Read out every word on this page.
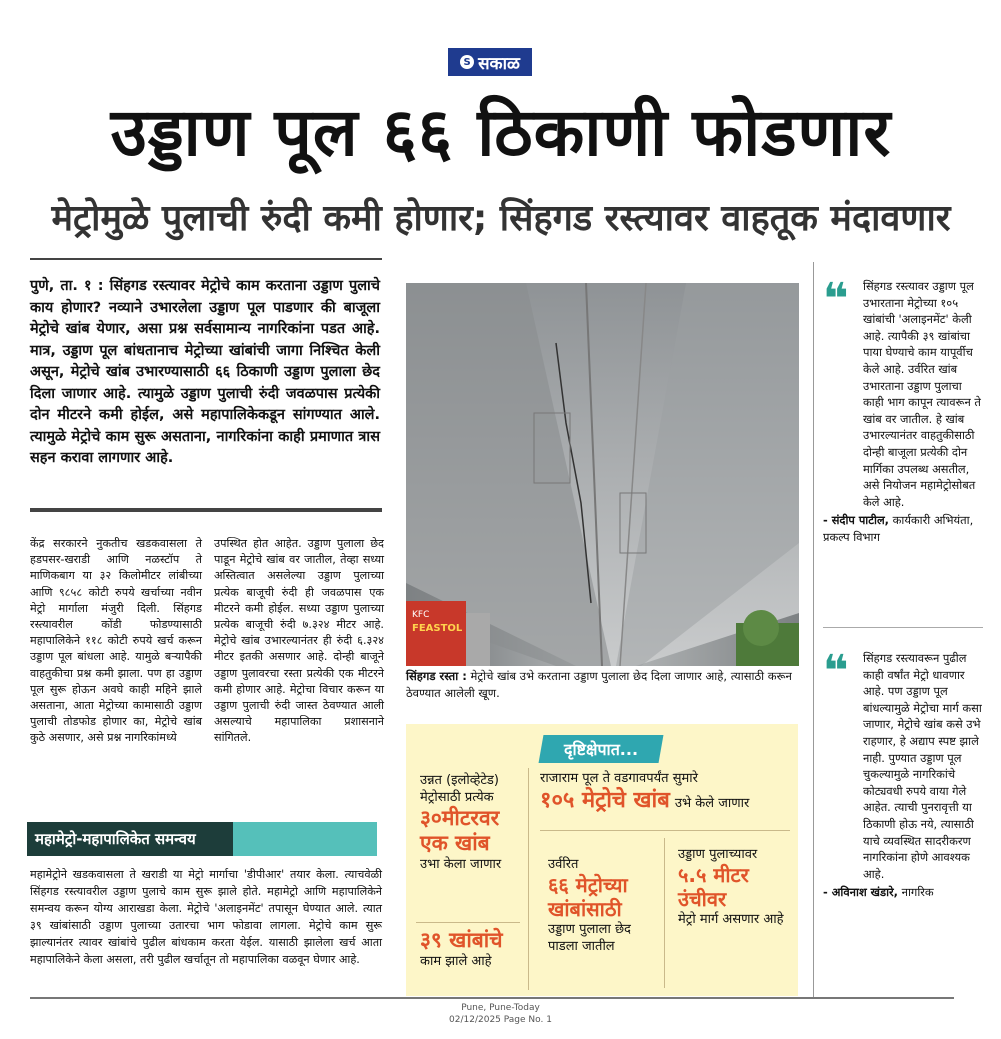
S सकाळ
उड्डाण पूल ६६ ठिकाणी फोडणार
मेट्रोमुळे पुलाची रुंदी कमी होणार; सिंहगड रस्त्यावर वाहतूक मंदावणार
पुणे, ता. १ : सिंहगड रस्त्यावर मेट्रोचे काम करताना उड्डाण पुलाचे काय होणार? नव्याने उभारलेला उड्डाण पूल पाडणार की बाजूला मेट्रोचे खांब येणार, असा प्रश्न सर्वसामान्य नागरिकांना पडत आहे. मात्र, उड्डाण पूल बांधतानाच मेट्रोच्या खांबांची जागा निश्चित केली असून, मेट्रोचे खांब उभारण्यासाठी ६६ ठिकाणी उड्डाण पुलाला छेद दिला जाणार आहे. त्यामुळे उड्डाण पुलाची रुंदी जवळपास प्रत्येकी दोन मीटरने कमी होईल, असे महापालिकेकडून सांगण्यात आले. त्यामुळे मेट्रोचे काम सुरू असताना, नागरिकांना काही प्रमाणात त्रास सहन करावा लागणार आहे.
केंद्र सरकारने नुकतीच खडकवासला ते हडपसर-खराडी आणि नळस्टॉप ते माणिकबाग या ३२ किलोमीटर लांबीच्या आणि ९८५८ कोटी रुपये खर्चाच्या नवीन मेट्रो मार्गाला मंजुरी दिली. सिंहगड रस्त्यावरील कोंडी फोडण्यासाठी महापालिकेने ११८ कोटी रुपये खर्च करून उड्डाण पूल बांधला आहे. यामुळे बऱ्यापैकी वाहतुकीचा प्रश्न कमी झाला. पण हा उड्डाण पूल सुरू होऊन अवघे काही महिने झाले असताना, आता मेट्रोच्या कामासाठी उड्डाण पुलाची तोडफोड होणार का, मेट्रोचे खांब कुठे असणार, असे प्रश्न नागरिकांमध्ये
उपस्थित होत आहेत. उड्डाण पुलाला छेद पाडून मेट्रोचे खांब वर जातील, तेव्हा सध्या अस्तित्वात असलेल्या उड्डाण पुलाच्या प्रत्येक बाजूची रुंदी ही जवळपास एक मीटरने कमी होईल. सध्या उड्डाण पुलाच्या प्रत्येक बाजूची रुंदी ७.३२४ मीटर आहे. मेट्रोचे खांब उभारल्यानंतर ही रुंदी ६.३२४ मीटर इतकी असणार आहे. दोन्ही बाजूने उड्डाण पुलावरचा रस्ता प्रत्येकी एक मीटरने कमी होणार आहे. मेट्रोचा विचार करून या उड्डाण पुलाची रुंदी जास्त ठेवण्यात आली असल्याचे महापालिका प्रशासनाने सांगितले.
KFC
FEASTOL
सिंहगड रस्ता : मेट्रोचे खांब उभे करताना उड्डाण पुलाला छेद दिला जाणार आहे, त्यासाठी करून ठेवण्यात आलेली खूण.
❝	सिंहगड रस्त्यावर उड्डाण पूल उभारताना मेट्रोच्या १०५ खांबांची 'अलाइनमेंट' केली आहे. त्यापैकी ३९ खांबांचा पाया घेण्याचे काम यापूर्वीच केले आहे. उर्वरित खांब उभारताना उड्डाण पुलाचा काही भाग कापून त्यावरून ते खांब वर जातील. हे खांब उभारल्यानंतर वाहतुकीसाठी दोन्ही बाजूला प्रत्येकी दोन मार्गिका उपलब्ध असतील, असे नियोजन महामेट्रोसोबत केले आहे.
- संदीप पाटील, कार्यकारी अभियंता, प्रकल्प विभाग
❝	सिंहगड रस्त्यावरून पुढील काही वर्षांत मेट्रो धावणार आहे. पण उड्डाण पूल बांधल्यामुळे मेट्रोचा मार्ग कसा जाणार, मेट्रोचे खांब कसे उभे राहणार, हे अद्याप स्पष्ट झाले नाही. पुण्यात उड्डाण पूल चुकल्यामुळे नागरिकांचे कोट्यवधी रुपये वाया गेले आहेत. त्याची पुनरावृत्ती या ठिकाणी होऊ नये, त्यासाठी याचे व्यवस्थित सादरीकरण नागरिकांना होणे आवश्यक आहे.
- अविनाश खंडारे, नागरिक
महामेट्रो-महापालिकेत समन्वय
महामेट्रोने खडकवासला ते खराडी या मेट्रो मार्गाचा 'डीपीआर' तयार केला. त्याचवेळी सिंहगड रस्त्यावरील उड्डाण पुलाचे काम सुरू झाले होते. महामेट्रो आणि महापालिकेने समन्वय करून योग्य आराखडा केला. मेट्रोचे 'अलाइनमेंट' तपासून घेण्यात आले. त्यात ३९ खांबांसाठी उड्डाण पुलाच्या उतारचा भाग फोडावा लागला. मेट्रोचे काम सुरू झाल्यानंतर त्यावर खांबांचे पुढील बांधकाम करता येईल. यासाठी झालेला खर्च आता महापालिकेने केला असला, तरी पुढील खर्चातून तो महापालिका वळवून घेणार आहे.
दृष्टिक्षेपात...
उन्नत (इलोव्हेटेड) मेट्रोसाठी प्रत्येक
३०मीटरवर एक खांब
उभा केला जाणार
३९ खांबांचे
काम झाले आहे
राजाराम पूल ते वडगावपर्यंत सुमारे
१०५ मेट्रोचे खांब उभे केले जाणार
उर्वरित
६६ मेट्रोच्या खांबांसाठी
उड्डाण पुलाला छेद पाडला जातील
उड्डाण पुलाच्यावर
५.५ मीटर उंचीवर
मेट्रो मार्ग असणार आहे
Pune, Pune-Today
02/12/2025 Page No. 1
